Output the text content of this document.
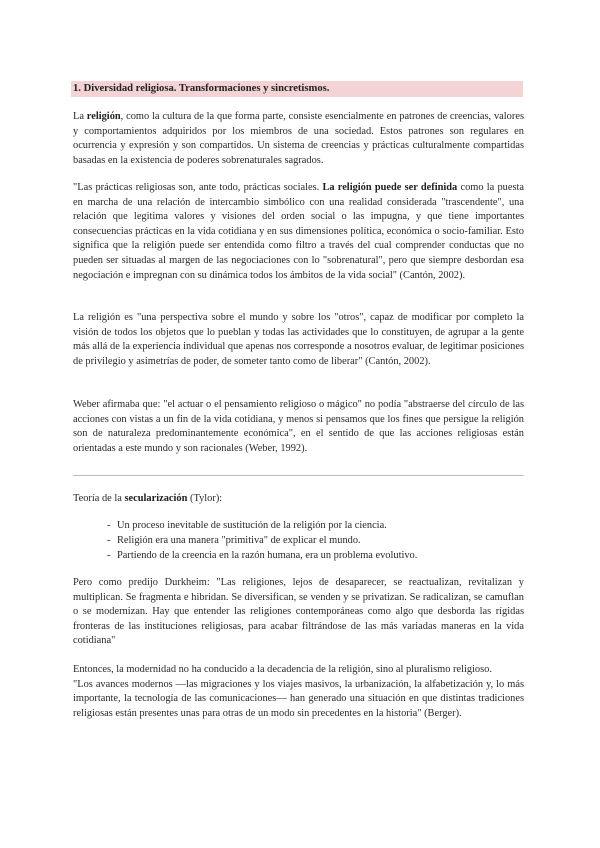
1. Diversidad religiosa. Transformaciones y sincretismos.

La religión, como la cultura de la que forma parte, consiste esencialmente en patrones de creencias, valores y comportamientos adquiridos por los miembros de una sociedad. Estos patrones son regulares en ocurrencia y expresión y son compartidos. Un sistema de creencias y prácticas culturalmente compartidas basadas en la existencia de poderes sobrenaturales sagrados.

"Las prácticas religiosas son, ante todo, prácticas sociales. La religión puede ser definida como la puesta en marcha de una relación de intercambio simbólico con una realidad considerada "trascendente", una relación que legitima valores y visiones del orden social o las impugna, y que tiene importantes consecuencias prácticas en la vida cotidiana y en sus dimensiones política, económica o socio-familiar. Esto significa que la religión puede ser entendida como filtro a través del cual comprender conductas que no pueden ser situadas al margen de las negociaciones con lo "sobrenatural", pero que siempre desbordan esa negociación e impregnan con su dinámica todos los ámbitos de la vida social" (Cantón, 2002).

La religión es "una perspectiva sobre el mundo y sobre los "otros", capaz de modificar por completo la visión de todos los objetos que lo pueblan y todas las actividades que lo constituyen, de agrupar a la gente más allá de la experiencia individual que apenas nos corresponde a nosotros evaluar, de legitimar posiciones de privilegio y asimetrías de poder, de someter tanto como de liberar" (Cantón, 2002).

Weber afirmaba que: "el actuar o el pensamiento religioso o mágico" no podía "abstraerse del círculo de las acciones con vistas a un fin de la vida cotidiana, y menos si pensamos que los fines que persigue la religión son de naturaleza predominantemente económica", en el sentido de que las acciones religiosas están orientadas a este mundo y son racionales (Weber, 1992).

Teoría de la secularización (Tylor):

- Un proceso inevitable de sustitución de la religión por la ciencia.
- Religión era una manera "primitiva" de explicar el mundo.
- Partiendo de la creencia en la razón humana, era un problema evolutivo.

Pero como predijo Durkheim: "Las religiones, lejos de desaparecer, se reactualizan, revitalizan y multiplican. Se fragmenta e hibridan. Se diversifican, se venden y se privatizan. Se radicalizan, se camuflan o se modernizan. Hay que entender las religiones contemporáneas como algo que desborda las rígidas fronteras de las instituciones religiosas, para acabar filtrándose de las más variadas maneras en la vida cotidiana"

Entonces, la modernidad no ha conducido a la decadencia de la religión, sino al pluralismo religioso.
"Los avances modernos —las migraciones y los viajes masivos, la urbanización, la alfabetización y, lo más importante, la tecnología de las comunicaciones— han generado una situación en que distintas tradiciones religiosas están presentes unas para otras de un modo sin precedentes en la historia" (Berger).
